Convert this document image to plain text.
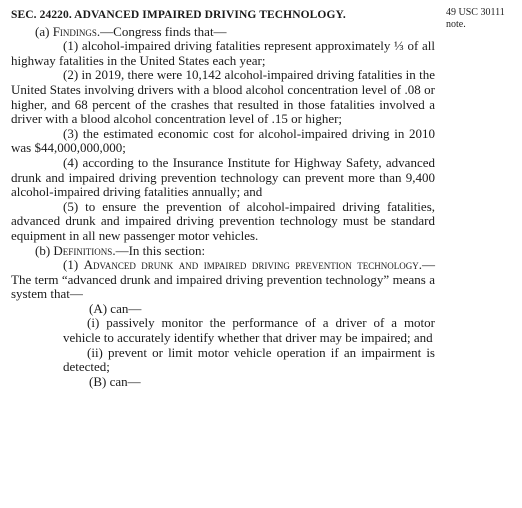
49 USC 30111
note.
SEC. 24220. ADVANCED IMPAIRED DRIVING TECHNOLOGY.

(a) Findings.—Congress finds that—

(1) alcohol-impaired driving fatalities represent approximately ⅓ of all highway fatalities in the United States each year;

(2) in 2019, there were 10,142 alcohol-impaired driving fatalities in the United States involving drivers with a blood alcohol concentration level of .08 or higher, and 68 percent of the crashes that resulted in those fatalities involved a driver with a blood alcohol concentration level of .15 or higher;

(3) the estimated economic cost for alcohol-impaired driving in 2010 was $44,000,000,000;

(4) according to the Insurance Institute for Highway Safety, advanced drunk and impaired driving prevention technology can prevent more than 9,400 alcohol-impaired driving fatalities annually; and

(5) to ensure the prevention of alcohol-impaired driving fatalities, advanced drunk and impaired driving prevention technology must be standard equipment in all new passenger motor vehicles.

(b) Definitions.—In this section:

(1) Advanced drunk and impaired driving prevention technology.—The term “advanced drunk and impaired driving prevention technology” means a system that—

(A) can—

(i) passively monitor the performance of a driver of a motor vehicle to accurately identify whether that driver may be impaired; and

(ii) prevent or limit motor vehicle operation if an impairment is detected;

(B) can—
